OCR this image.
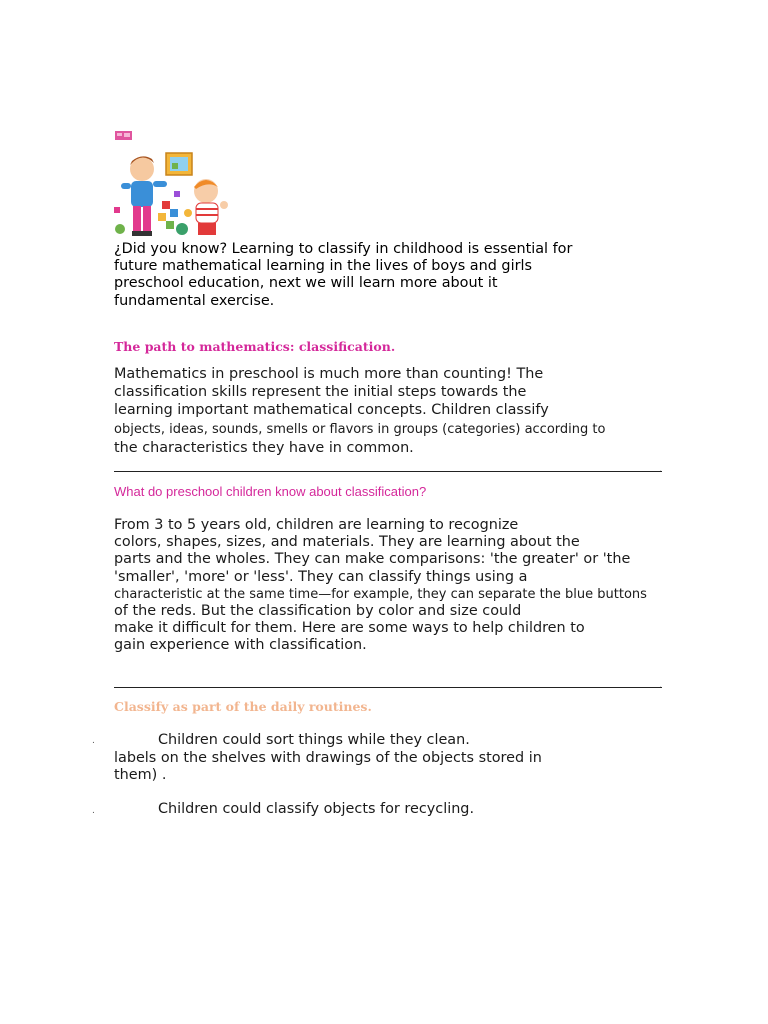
¿Did you know? Learning to classify in childhood is essential for
future mathematical learning in the lives of boys and girls
preschool education, next we will learn more about it
fundamental exercise.
The path to mathematics: classification.
Mathematics in preschool is much more than counting! The
classification skills represent the initial steps towards the
learning important mathematical concepts. Children classify
objects, ideas, sounds, smells or flavors in groups (categories) according to
the characteristics they have in common.
.
What do preschool children know about classification?
From 3 to 5 years old, children are learning to recognize
colors, shapes, sizes, and materials. They are learning about the
parts and the wholes. They can make comparisons: 'the greater' or 'the
'smaller', 'more' or 'less'. They can classify things using a
characteristic at the same time—for example, they can separate the blue buttons
of the reds. But the classification by color and size could
make it difficult for them. Here are some ways to help children to
gain experience with classification.
.
Classify as part of the daily routines.
.	Children could sort things while they clean.
labels on the shelves with drawings of the objects stored in
them) .
.	Children could classify objects for recycling.
